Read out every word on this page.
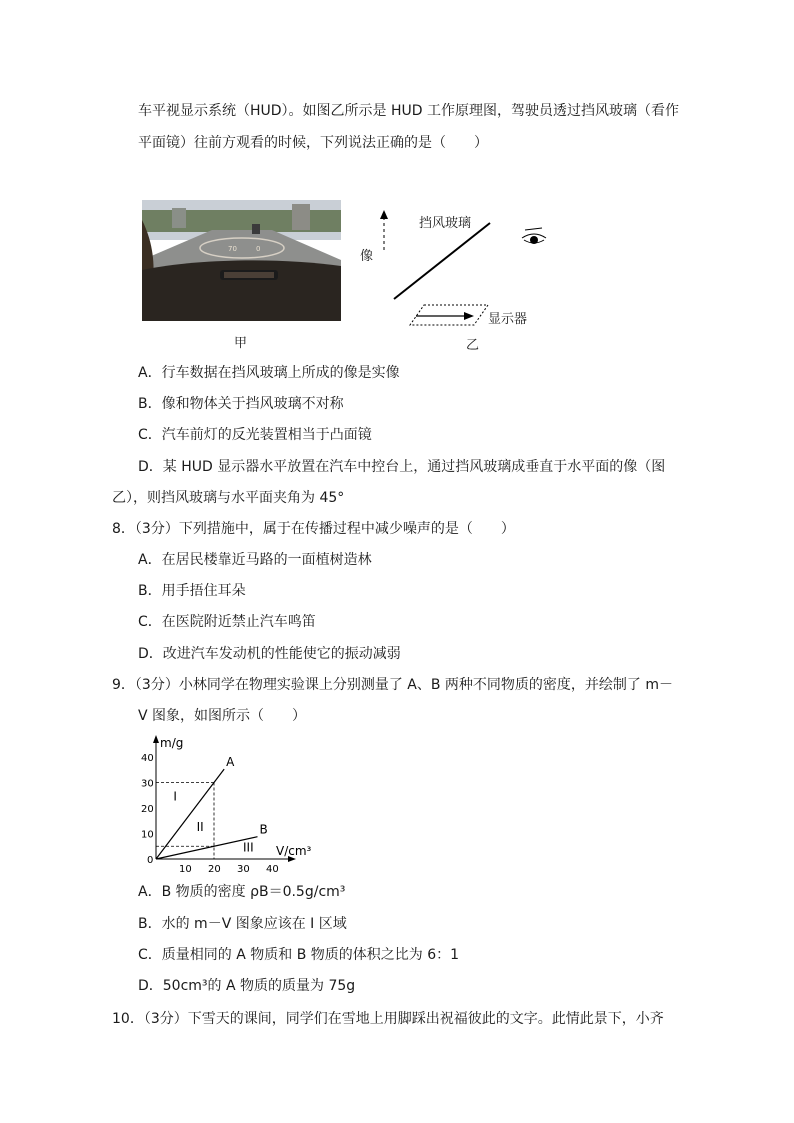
车平视显示系统（HUD）。如图乙所示是 HUD 工作原理图，驾驶员透过挡风玻璃（看作
平面镜）往前方观看的时候，下列说法正确的是（　　）
70	0
甲
挡风玻璃
像
显示器
乙
A．行车数据在挡风玻璃上所成的像是实像
B．像和物体关于挡风玻璃不对称
C．汽车前灯的反光装置相当于凸面镜
D．某 HUD 显示器水平放置在汽车中控台上，通过挡风玻璃成垂直于水平面的像（图
乙），则挡风玻璃与水平面夹角为 45°
8．（3分）下列措施中，属于在传播过程中减少噪声的是（　　）
A．在居民楼靠近马路的一面植树造林
B．用手捂住耳朵
C．在医院附近禁止汽车鸣笛
D．改进汽车发动机的性能使它的振动减弱
9．（3分）小林同学在物理实验课上分别测量了 A、B 两种不同物质的密度，并绘制了 m－
V 图象，如图所示（　　）
m/g
V/cm³
10 20 30 40
0
10
20
30
40	A
B
I
II
III
A．B 物质的密度 ρB＝0.5g/cm³
B．水的 m－V 图象应该在 I 区域
C．质量相同的 A 物质和 B 物质的体积之比为 6：1
D．50cm³的 A 物质的质量为 75g
10．（3分）下雪天的课间，同学们在雪地上用脚踩出祝福彼此的文字。此情此景下，小齐
